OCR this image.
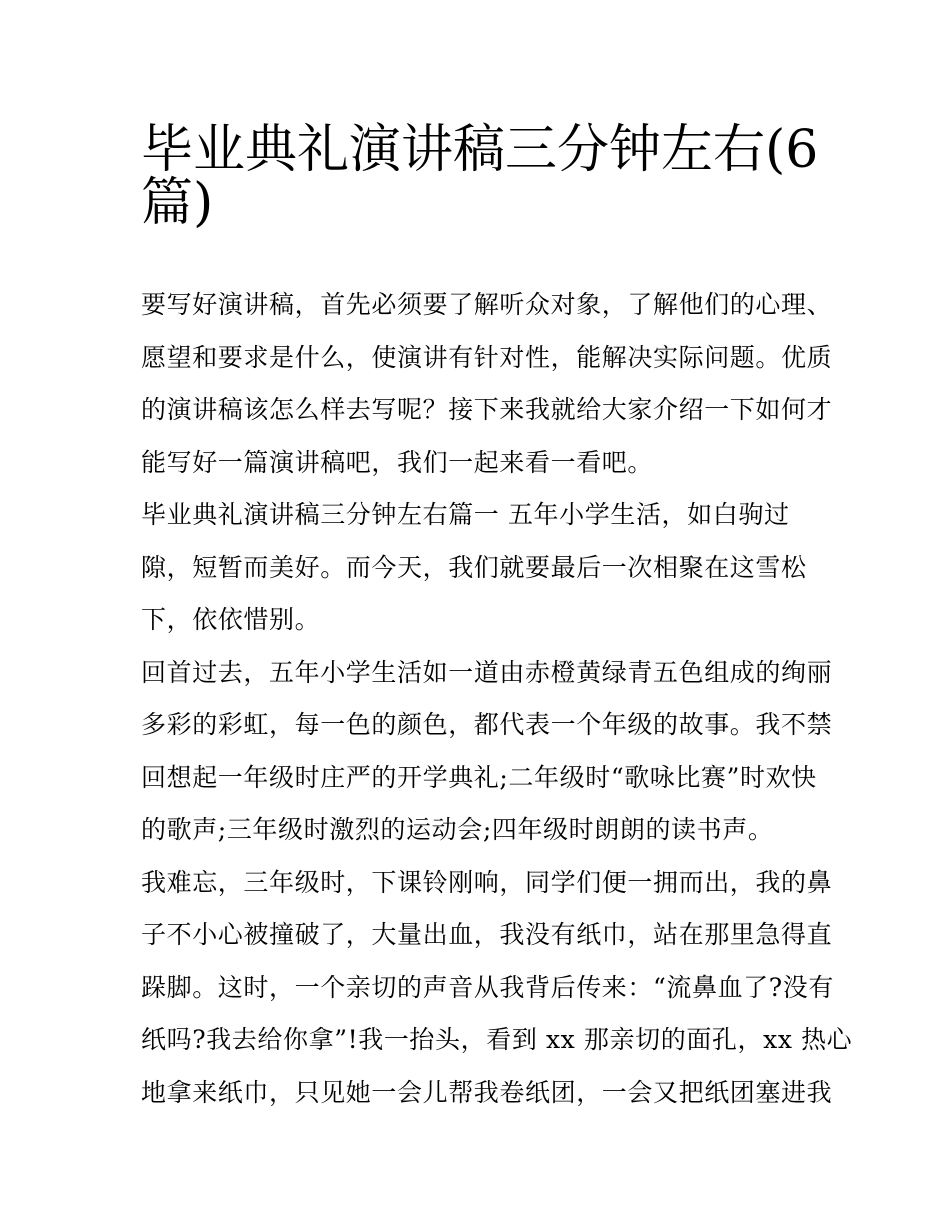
毕业典礼演讲稿三分钟左右(6
篇)

要写好演讲稿，首先必须要了解听众对象，了解他们的心理、
愿望和要求是什么，使演讲有针对性，能解决实际问题。优质
的演讲稿该怎么样去写呢？接下来我就给大家介绍一下如何才
能写好一篇演讲稿吧，我们一起来看一看吧。

毕业典礼演讲稿三分钟左右篇一 五年小学生活，如白驹过
隙，短暂而美好。而今天，我们就要最后一次相聚在这雪松
下，依依惜别。

回首过去，五年小学生活如一道由赤橙黄绿青五色组成的绚丽
多彩的彩虹，每一色的颜色，都代表一个年级的故事。我不禁
回想起一年级时庄严的开学典礼;二年级时“歌咏比赛”时欢快
的歌声;三年级时激烈的运动会;四年级时朗朗的读书声。

我难忘，三年级时，下课铃刚响，同学们便一拥而出，我的鼻
子不小心被撞破了，大量出血，我没有纸巾，站在那里急得直
跺脚。这时，一个亲切的声音从我背后传来：“流鼻血了?没有
纸吗?我去给你拿”!我一抬头，看到 xx 那亲切的面孔，xx 热心
地拿来纸巾，只见她一会儿帮我卷纸团，一会又把纸团塞进我
